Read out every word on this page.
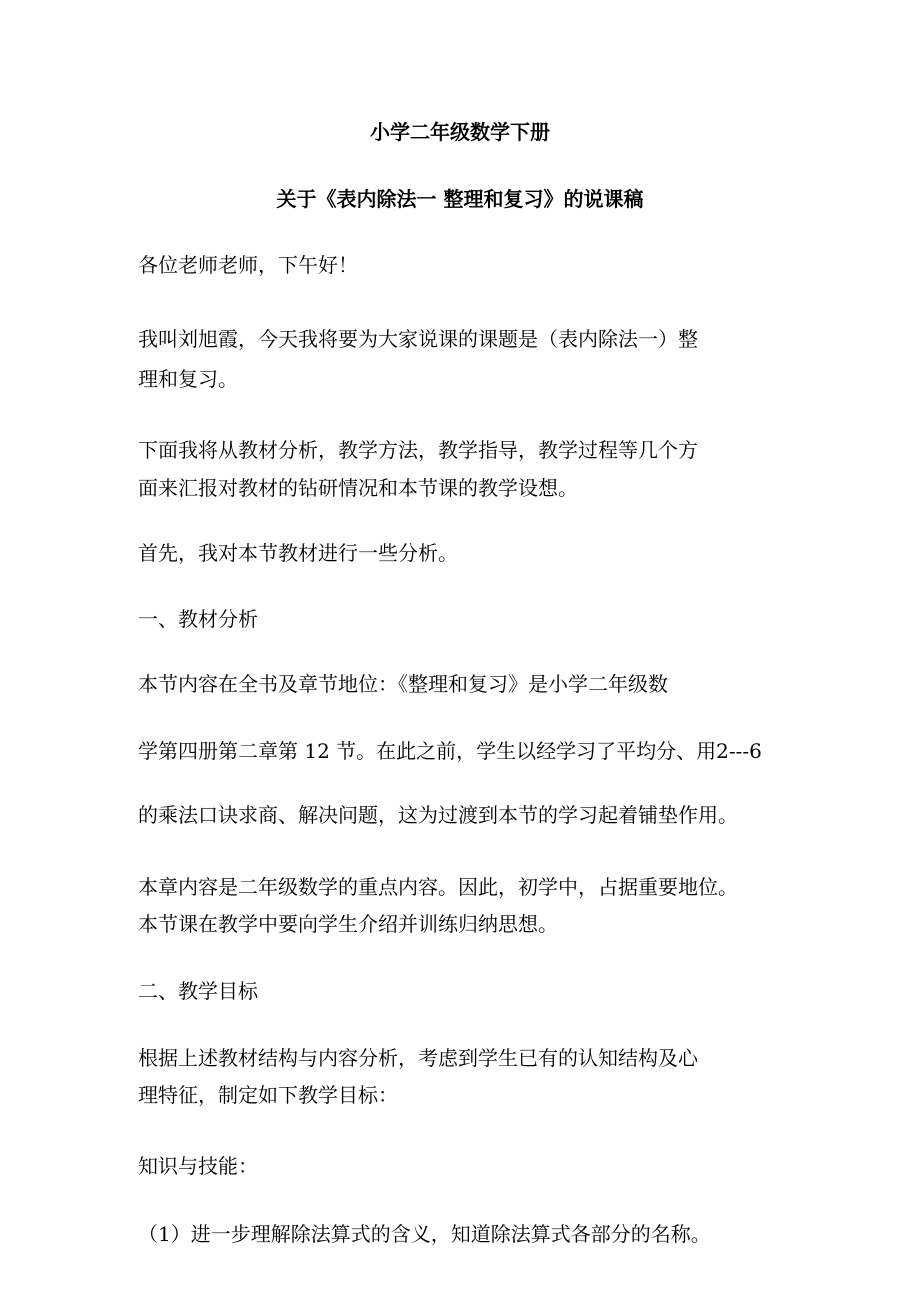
小学二年级数学下册
关于《表内除法一 整理和复习》的说课稿
各位老师老师，下午好！
我叫刘旭霞，今天我将要为大家说课的课题是（表内除法一）整
理和复习。
下面我将从教材分析，教学方法，教学指导，教学过程等几个方
面来汇报对教材的钻研情况和本节课的教学设想。
首先，我对本节教材进行一些分析。
一、教材分析
本节内容在全书及章节地位：《整理和复习》是小学二年级数
学第四册第二章第 12 节。在此之前，学生以经学习了平均分、用2---6
的乘法口诀求商、解决问题，这为过渡到本节的学习起着铺垫作用。
本章内容是二年级数学的重点内容。因此，初学中，占据重要地位。
本节课在教学中要向学生介绍并训练归纳思想。
二、教学目标
根据上述教材结构与内容分析，考虑到学生已有的认知结构及心
理特征，制定如下教学目标：
知识与技能：
（1）进一步理解除法算式的含义，知道除法算式各部分的名称。
